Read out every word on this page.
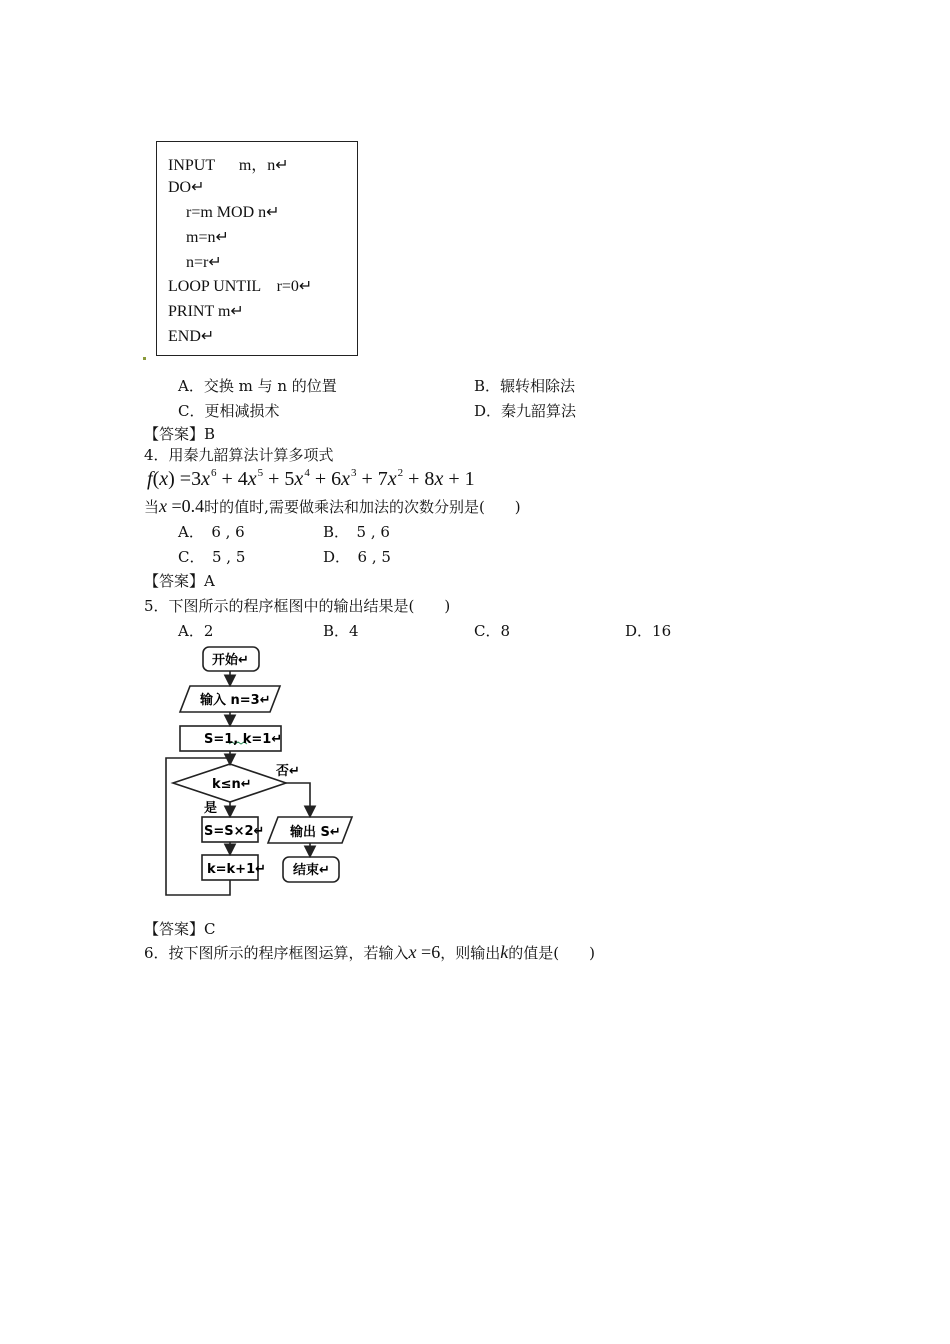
INPUT      m，n↵
DO↵
r=m MOD n↵
m=n↵
n=r↵
LOOP UNTIL    r=0↵
PRINT m↵
END↵
A．交换 m 与 n 的位置	B．辗转相除法
C．更相减损术	D．秦九韶算法
【答案】B
4．用秦九韶算法计算多项式
$f(x) =3x^6 + 4x^5 + 5x^4 + 6x^3 + 7x^2 + 8x + 1$
当x =0.4时的值时,需要做乘法和加法的次数分别是(　　)
A．　6 , 6	B．　5 , 6
C．　5 , 5	D．　6 , 5
【答案】A
5．下图所示的程序框图中的输出结果是(　　)
A．2	B．4	C．8	D．16
开始↵
输入 n=3↵
S=1, k=1↵
k≤n↵
否↵
是
S=S×2↵
k=k+1↵
输出 S↵
结束↵
【答案】C
6．按下图所示的程序框图运算，若输入x =6，则输出k的值是(　　)
